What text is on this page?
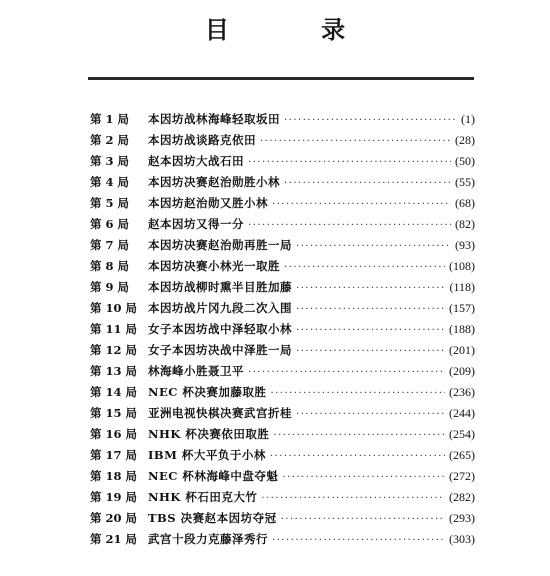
目 录
第 1 局	本因坊战林海峰轻取坂田 ·····	(1)
第 2 局	本因坊战谈路克依田 ·····	(28)
第 3 局	赵本因坊大战石田 ·····	(50)
第 4 局	本因坊决赛赵治勋胜小林 ·····	(55)
第 5 局	本因坊赵治勋又胜小林 ·····	(68)
第 6 局	赵本因坊又得一分 ·····	(82)
第 7 局	本因坊决赛赵治勋再胜一局 ·····	(93)
第 8 局	本因坊决赛小林光一取胜 ·····	(108)
第 9 局	本因坊战柳时熏半目胜加藤 ·····	(118)
第 10 局 本因坊战片冈九段二次入围 ·····	(157)
第 11 局 女子本因坊战中泽轻取小林 ·····	(188)
第 12 局 女子本因坊决战中泽胜一局 ·····	(201)
第 13 局 林海峰小胜聂卫平 ·····	(209)
第 14 局 NEC 杯决赛加藤取胜 ·····	(236)
第 15 局 亚洲电视快棋决赛武宫折桂 ·····	(244)
第 16 局 NHK 杯决赛依田取胜 ·····	(254)
第 17 局 IBM 杯大平负于小林 ·····	(265)
第 18 局 NEC 杯林海峰中盘夺魁 ·····	(272)
第 19 局 NHK 杯石田克大竹 ·····	(282)
第 20 局 TBS 决赛赵本因坊夺冠 ·····	(293)
第 21 局 武宫十段力克藤泽秀行 ·····	(303)
